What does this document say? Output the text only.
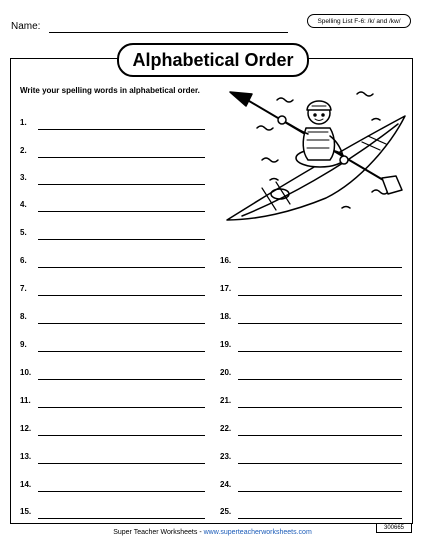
Name:	Spelling List F-6: /k/ and /kw/
Alphabetical Order
Write your spelling words in alphabetical order.
1.
2.
3.
4.
5.
6.
7.
8.
9.
10.
11.
12.
13.
14.
15.
16.
17.
18.
19.
20.
21.
22.
23.
24.
25.
Super Teacher Worksheets - www.superteacherworksheets.com
300665
